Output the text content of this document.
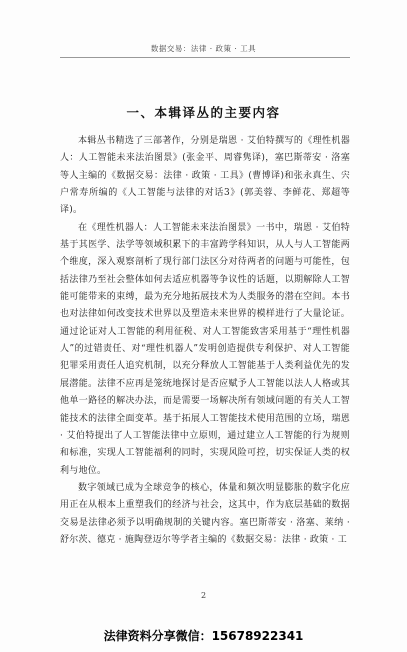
数据交易：法律 · 政策 · 工具
一、本辑译丛的主要内容

本辑丛书精选了三部著作，分别是瑞恩 · 艾伯特撰写的《理性机器人：人工智能未来法治图景》(张金平、周睿隽译)，塞巴斯蒂安 · 洛塞等人主编的《数据交易：法律 · 政策 · 工具》(曹博译)和张永真生、宍户常寿所编的《人工智能与法律的对话3》(郭美蓉、李鲜花、郑超等译)。

在《理性机器人：人工智能未来法治图景》一书中，瑞恩 · 艾伯特基于其医学、法学等领域积累下的丰富跨学科知识，从人与人工智能两个维度，深入观察剖析了现行部门法区分对待两者的问题与可能性，包括法律乃至社会整体如何去适应机器等争议性的话题，以期解除人工智能可能带来的束缚，最为充分地拓展技术为人类服务的潜在空间。本书也对法律如何改变技术世界以及塑造未来世界的模样进行了大量论证。通过论证对人工智能的利用征税、对人工智能致害采用基于“理性机器人”的过错责任、对“理性机器人”发明创造提供专利保护、对人工智能犯罪采用责任人追究机制，以充分释放人工智能基于人类利益优先的发展潜能。法律不应再是笼统地探讨是否应赋予人工智能以法人人格或其他单一路径的解决办法，而是需要一场解决所有领域问题的有关人工智能技术的法律全面变革。基于拓展人工智能技术使用范围的立场，瑞恩 · 艾伯特提出了人工智能法律中立原则，通过建立人工智能的行为规则和标准，实现人工智能福利的同时，实现风险可控，切实保证人类的权利与地位。

数字领域已成为全球竞争的核心，体量和频次明显膨胀的数字化应用正在从根本上重塑我们的经济与社会，这其中，作为底层基础的数据交易是法律必须予以明确规制的关键内容。塞巴斯蒂安 · 洛塞、莱纳 · 舒尔茨、德克 · 施陶登迈尔等学者主编的《数据交易：法律 · 政策 · 工

2
法律资料分享微信：15678922341
